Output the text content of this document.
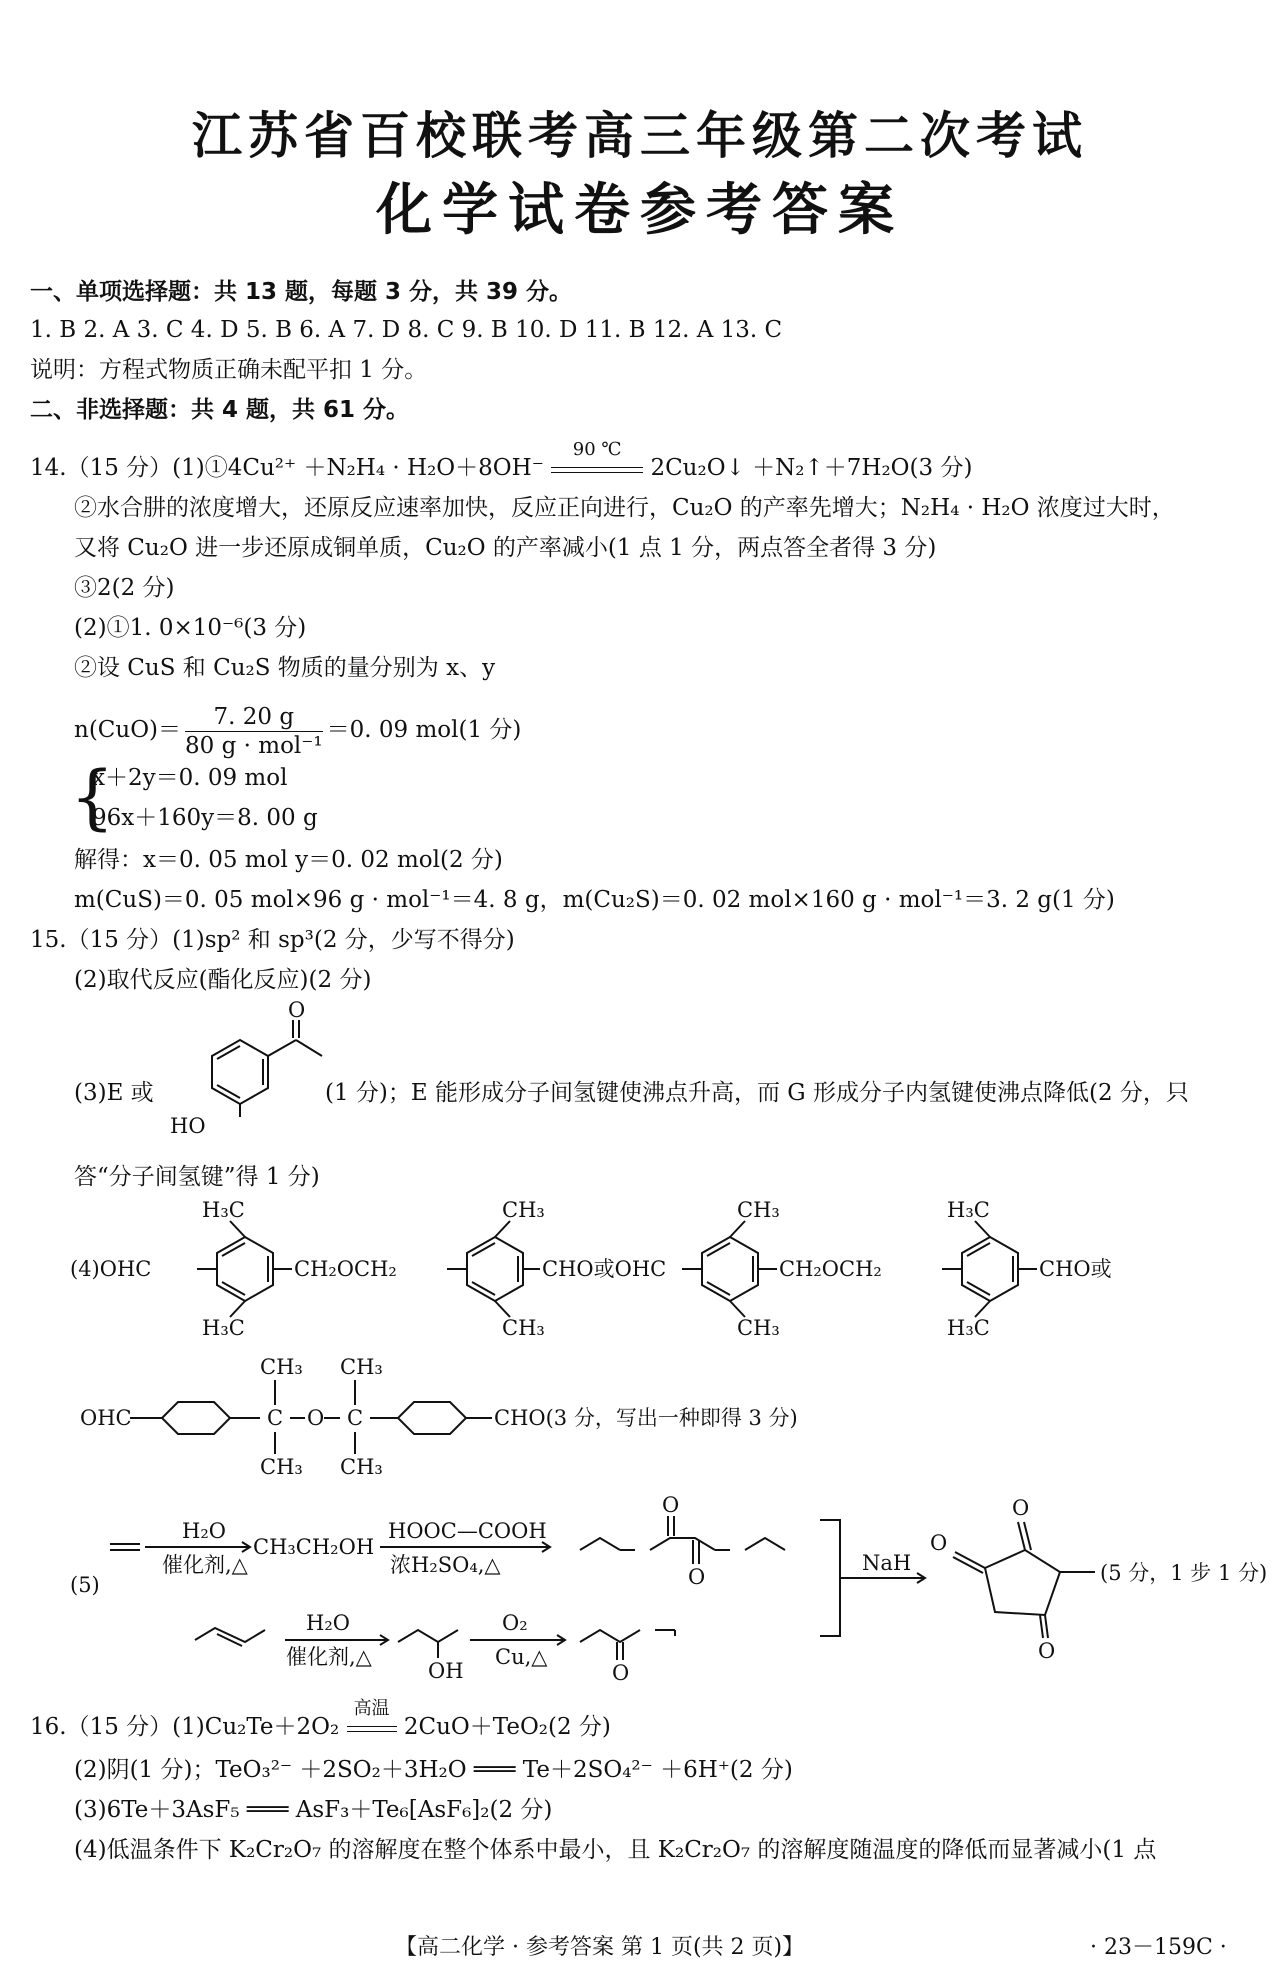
江苏省百校联考高三年级第二次考试
化学试卷参考答案
一、单项选择题：共 13 题，每题 3 分，共 39 分。
1. B 2. A 3. C 4. D 5. B 6. A 7. D 8. C 9. B 10. D 11. B 12. A 13. C
说明：方程式物质正确未配平扣 1 分。
二、非选择题：共 4 题，共 61 分。
14.（15 分）(1)①4Cu²⁺ ＋N₂H₄ · H₂O＋8OH⁻
90 ℃
2Cu₂O↓ ＋N₂↑＋7H₂O(3 分)
②水合肼的浓度增大，还原反应速率加快，反应正向进行，Cu₂O 的产率先增大；N₂H₄ · H₂O 浓度过大时，
又将 Cu₂O 进一步还原成铜单质，Cu₂O 的产率减小(1 点 1 分，两点答全者得 3 分)
③2(2 分)
(2)①1. 0×10⁻⁶(3 分)
②设 CuS 和 Cu₂S 物质的量分别为 x、y
$n(CuO)= \frac{7. 20 g}{\text{80 g · mol⁻¹}} =0$. 09 mol(1 分)
{
x＋2y＝0. 09 mol
96x＋160y＝8. 00 g
解得：x＝0. 05 mol y＝0. 02 mol(2 分)
m(CuS)＝0. 05 mol×96 g · mol⁻¹＝4. 8 g，m(Cu₂S)＝0. 02 mol×160 g · mol⁻¹＝3. 2 g(1 分)
15.（15 分）(1)sp² 和 sp³(2 分，少写不得分)
(2)取代反应(酯化反应)(2 分)
(3)E 或
O
HO
(1 分)；E 能形成分子间氢键使沸点升高，而 G 形成分子内氢键使沸点降低(2 分，只
答“分子间氢键”得 1 分)
(4)OHC
H₃C
H₃C
CH₂OCH₂
CH₃
CH₃
CHO或OHC
CH₃
CH₃
CH₂OCH₂
H₃C
H₃C
CHO或
OHC
CH₃
C
CH₃
O
CH₃
C
CH₃
CHO(3 分，写出一种即得 3 分)
(5)
H₂O
催化剂,△
CH₃CH₂OH
HOOC—COOH
浓H₂SO₄,△
O
O
NaH
O
O
O
(5 分，1 步 1 分)
H₂O
催化剂,△
OH
O₂
Cu,△
O
16.（15 分）(1)Cu₂Te＋2O₂
高温
2CuO＋TeO₂(2 分)
(2)阴(1 分)；TeO₃²⁻ ＋2SO₂＋3H₂O ═══ Te＋2SO₄²⁻ ＋6H⁺(2 分)
(3)6Te＋3AsF₅ ═══ AsF₃＋Te₆[AsF₆]₂(2 分)
(4)低温条件下 K₂Cr₂O₇ 的溶解度在整个体系中最小，且 K₂Cr₂O₇ 的溶解度随温度的降低而显著减小(1 点
【高二化学 · 参考答案 第 1 页(共 2 页)】	· 23－159C ·
